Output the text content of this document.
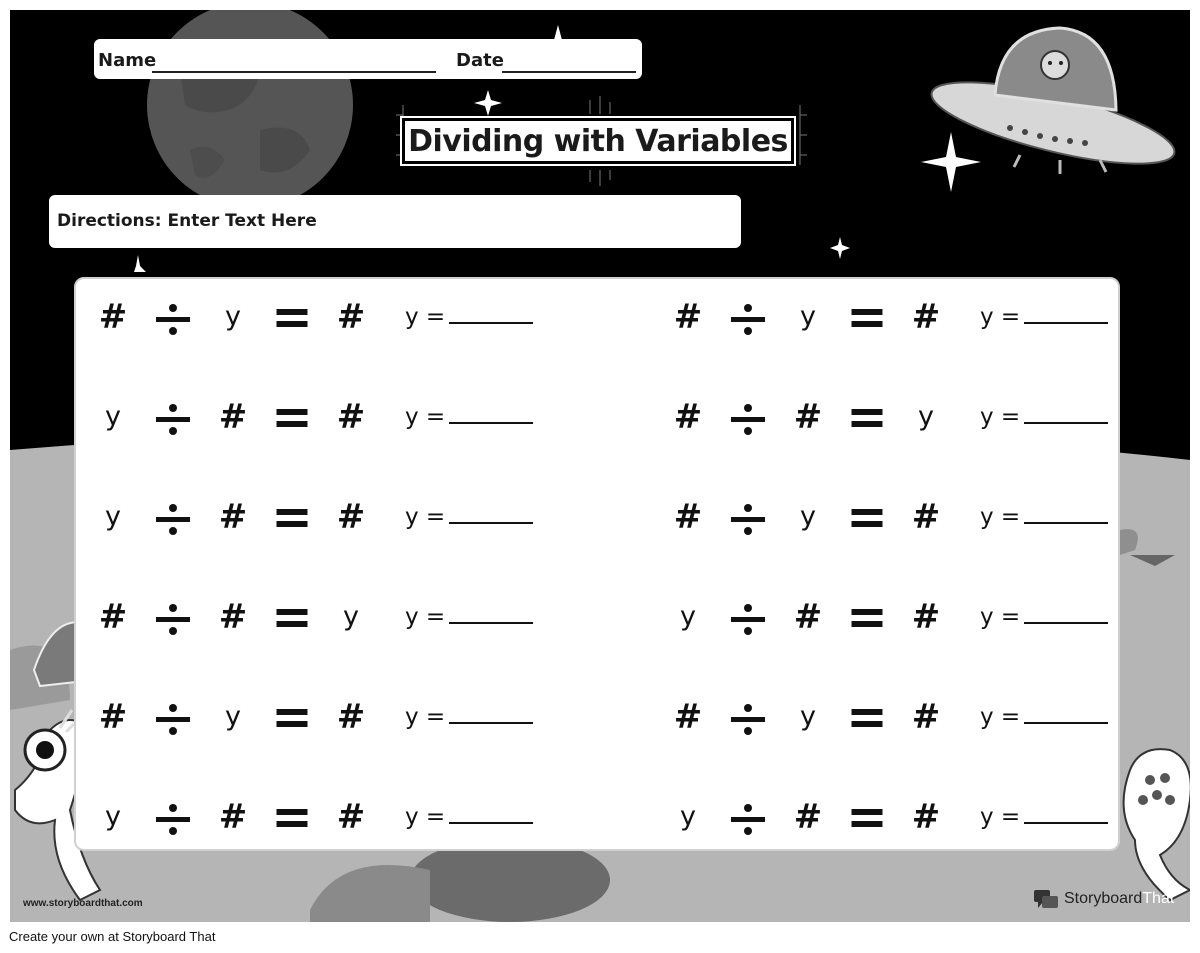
Name	Date
Dividing with Variables
Directions: Enter Text Here
#	y	#	y =
y	#	#	y =
y	#	#	y =
#	#	y	y =
#	y	#	y =
y	#	#	y =
#	y	#	y =
#	#	y	y =
#	y	#	y =
y	#	#	y =
#	y	#	y =
y	#	#	y =
www.storyboardthat.com	StoryboardThat
Create your own at Storyboard That
